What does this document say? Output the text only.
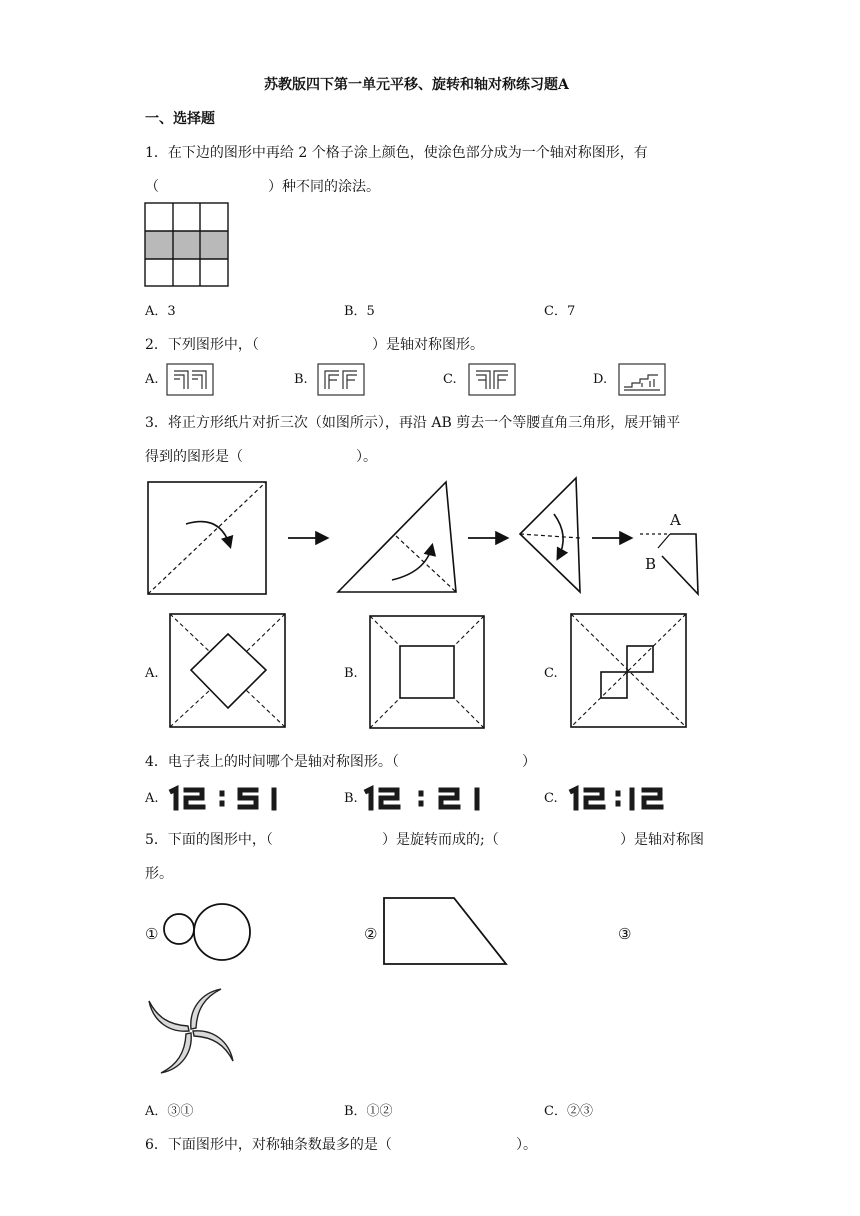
苏教版四下第一单元平移、旋转和轴对称练习题A
一、选择题
1．在下边的图形中再给 2 个格子涂上颜色，使涂色部分成为一个轴对称图形，有
（	）种不同的涂法。
A．3	B．5	C．7
2．下列图形中，（	）是轴对称图形。
A.	B.	C.	D.
3．将正方形纸片对折三次（如图所示），再沿 AB 剪去一个等腰直角三角形，展开铺平
得到的图形是（	）。
A
B
A.	B.	C.
4．电子表上的时间哪个是轴对称图形。（	）
A.	B.	C.
5．下面的图形中，（	）是旋转而成的;（	）是轴对称图
形。
①	②	③
A．③①	B．①②	C．②③
6．下面图形中，对称轴条数最多的是（	）。
